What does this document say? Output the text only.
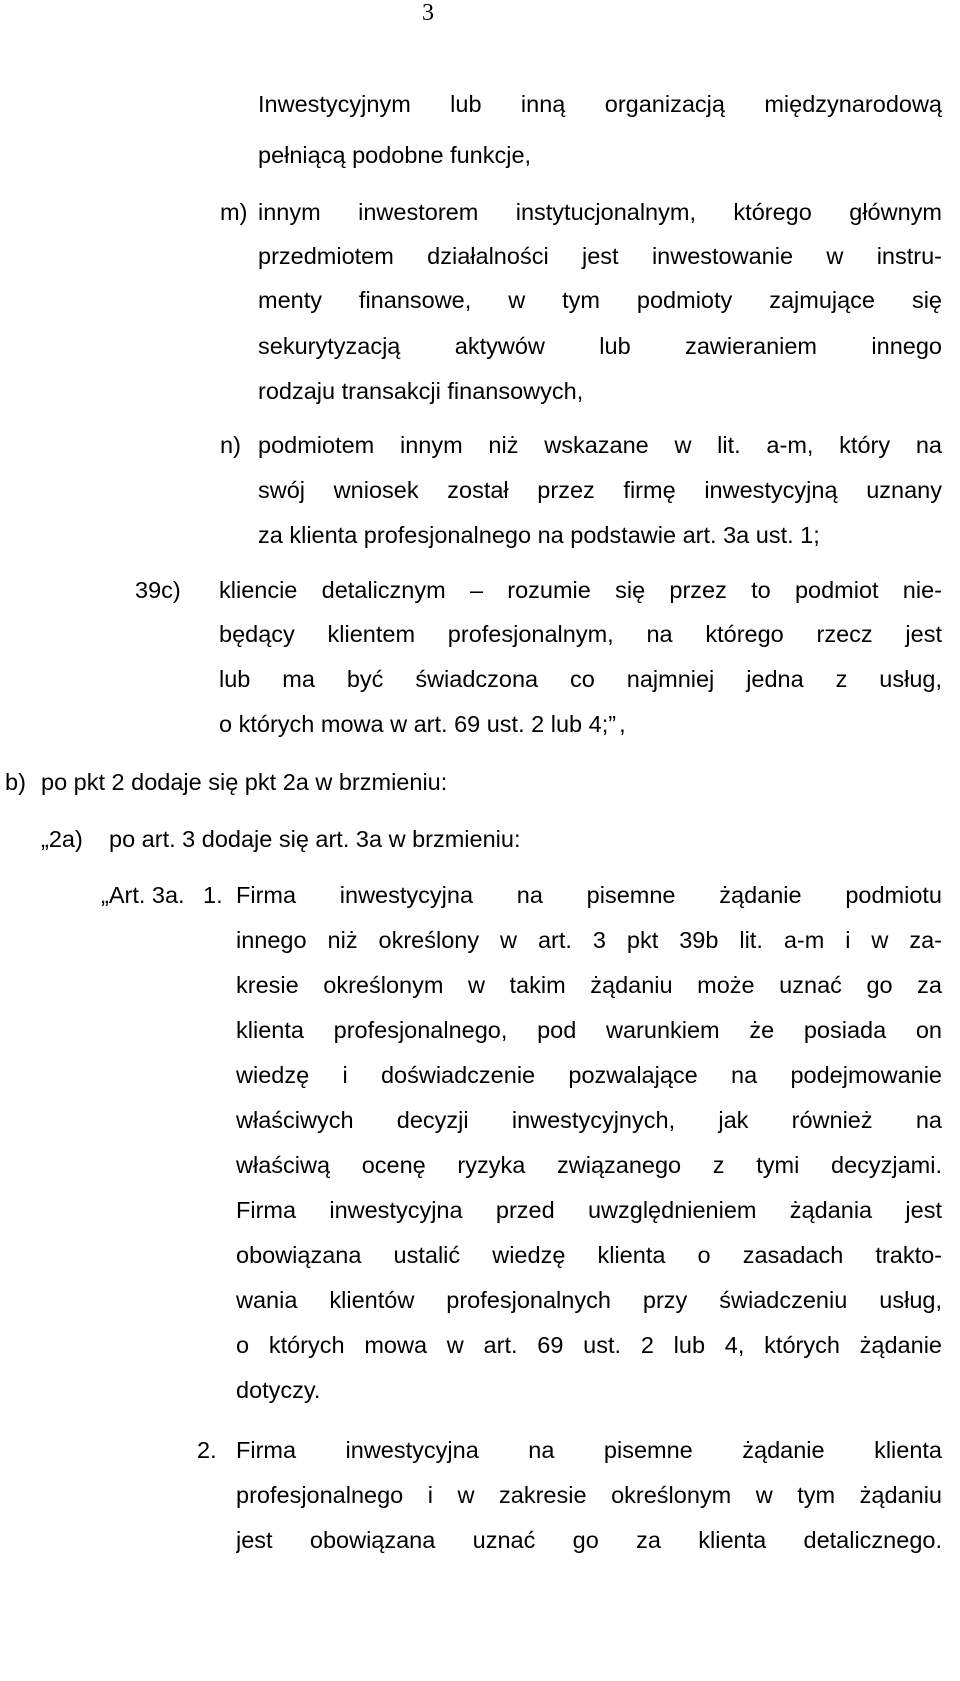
3
Inwestycyjnym lub inną organizacją międzynarodową
pełniącą podobne funkcje,
m) innym inwestorem instytucjonalnym, którego głównym
przedmiotem działalności jest inwestowanie w instru-
menty finansowe, w tym podmioty zajmujące się
sekurytyzacją aktywów lub zawieraniem innego
rodzaju transakcji finansowych,
n) podmiotem innym niż wskazane w lit. a-m, który na
swój wniosek został przez firmę inwestycyjną uznany
za klienta profesjonalnego na podstawie art. 3a ust. 1;
39c) kliencie detalicznym – rozumie się przez to podmiot nie-
będący klientem profesjonalnym, na którego rzecz jest
lub ma być świadczona co najmniej jedna z usług,
o których mowa w art. 69 ust. 2 lub 4;” ,
b) po pkt 2 dodaje się pkt 2a w brzmieniu:
„2a) po art. 3 dodaje się art. 3a w brzmieniu:
„Art. 3a. 1. Firma inwestycyjna na pisemne żądanie podmiotu
innego niż określony w art. 3 pkt 39b lit. a-m i w za-
kresie określonym w takim żądaniu może uznać go za
klienta profesjonalnego, pod warunkiem że posiada on
wiedzę i doświadczenie pozwalające na podejmowanie
właściwych decyzji inwestycyjnych, jak również na
właściwą ocenę ryzyka związanego z tymi decyzjami.
Firma inwestycyjna przed uwzględnieniem żądania jest
obowiązana ustalić wiedzę klienta o zasadach trakto-
wania klientów profesjonalnych przy świadczeniu usług,
o których mowa w art. 69 ust. 2 lub 4, których żądanie
dotyczy.
2. Firma inwestycyjna na pisemne żądanie klienta
profesjonalnego i w zakresie określonym w tym żądaniu
jest obowiązana uznać go za klienta detalicznego.
